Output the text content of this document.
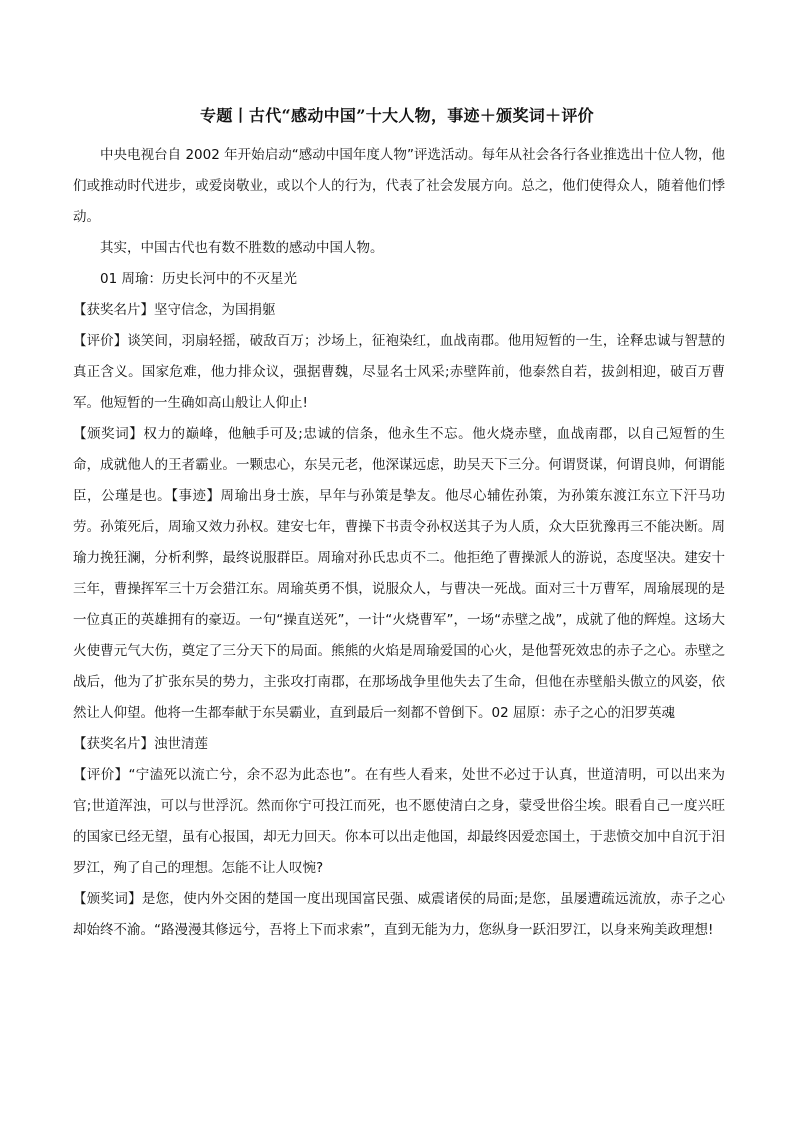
专题丨古代“感动中国”十大人物，事迹＋颁奖词＋评价

中央电视台自 2002 年开始启动“感动中国年度人物”评选活动。每年从社会各行各业推选出十位人物，他们或推动时代进步，或爱岗敬业，或以个人的行为，代表了社会发展方向。总之，他们使得众人，随着他们悸动。

其实，中国古代也有数不胜数的感动中国人物。

01 周瑜：历史长河中的不灭星光

【获奖名片】坚守信念，为国捐躯

【评价】谈笑间，羽扇轻摇，破敌百万；沙场上，征袍染红，血战南郡。他用短暂的一生，诠释忠诚与智慧的真正含义。国家危难，他力排众议，强据曹魏，尽显名士风采;赤壁阵前，他泰然自若，拔剑相迎，破百万曹军。他短暂的一生确如高山般让人仰止!

【颁奖词】权力的巅峰，他触手可及;忠诚的信条，他永生不忘。他火烧赤壁，血战南郡，以自己短暂的生命，成就他人的王者霸业。一颗忠心，东吴元老，他深谋远虑，助吴天下三分。何谓贤谋，何谓良帅，何谓能臣，公瑾是也。【事迹】周瑜出身士族，早年与孙策是挚友。他尽心辅佐孙策，为孙策东渡江东立下汗马功劳。孙策死后，周瑜又效力孙权。建安七年，曹操下书责令孙权送其子为人质，众大臣犹豫再三不能决断。周瑜力挽狂澜，分析利弊，最终说服群臣。周瑜对孙氏忠贞不二。他拒绝了曹操派人的游说，态度坚决。建安十三年，曹操挥军三十万会猎江东。周瑜英勇不惧，说服众人，与曹决一死战。面对三十万曹军，周瑜展现的是一位真正的英雄拥有的豪迈。一句“操直送死”，一计“火烧曹军”，一场“赤壁之战”，成就了他的辉煌。这场大火使曹元气大伤，奠定了三分天下的局面。熊熊的火焰是周瑜爱国的心火，是他誓死效忠的赤子之心。赤壁之战后，他为了扩张东吴的势力，主张攻打南郡，在那场战争里他失去了生命，但他在赤壁船头傲立的风姿，依然让人仰望。他将一生都奉献于东吴霸业，直到最后一刻都不曾倒下。02 屈原：赤子之心的汨罗英魂

【获奖名片】浊世清莲

【评价】“宁溘死以流亡兮，余不忍为此态也”。在有些人看来，处世不必过于认真，世道清明，可以出来为官;世道浑浊，可以与世浮沉。然而你宁可投江而死，也不愿使清白之身，蒙受世俗尘埃。眼看自己一度兴旺的国家已经无望，虽有心报国，却无力回天。你本可以出走他国，却最终因爱恋国土，于悲愤交加中自沉于汨罗江，殉了自己的理想。怎能不让人叹惋?

【颁奖词】是您，使内外交困的楚国一度出现国富民强、威震诸侯的局面;是您，虽屡遭疏远流放，赤子之心却始终不渝。“路漫漫其修远兮，吾将上下而求索”，直到无能为力，您纵身一跃汨罗江，以身来殉美政理想!
